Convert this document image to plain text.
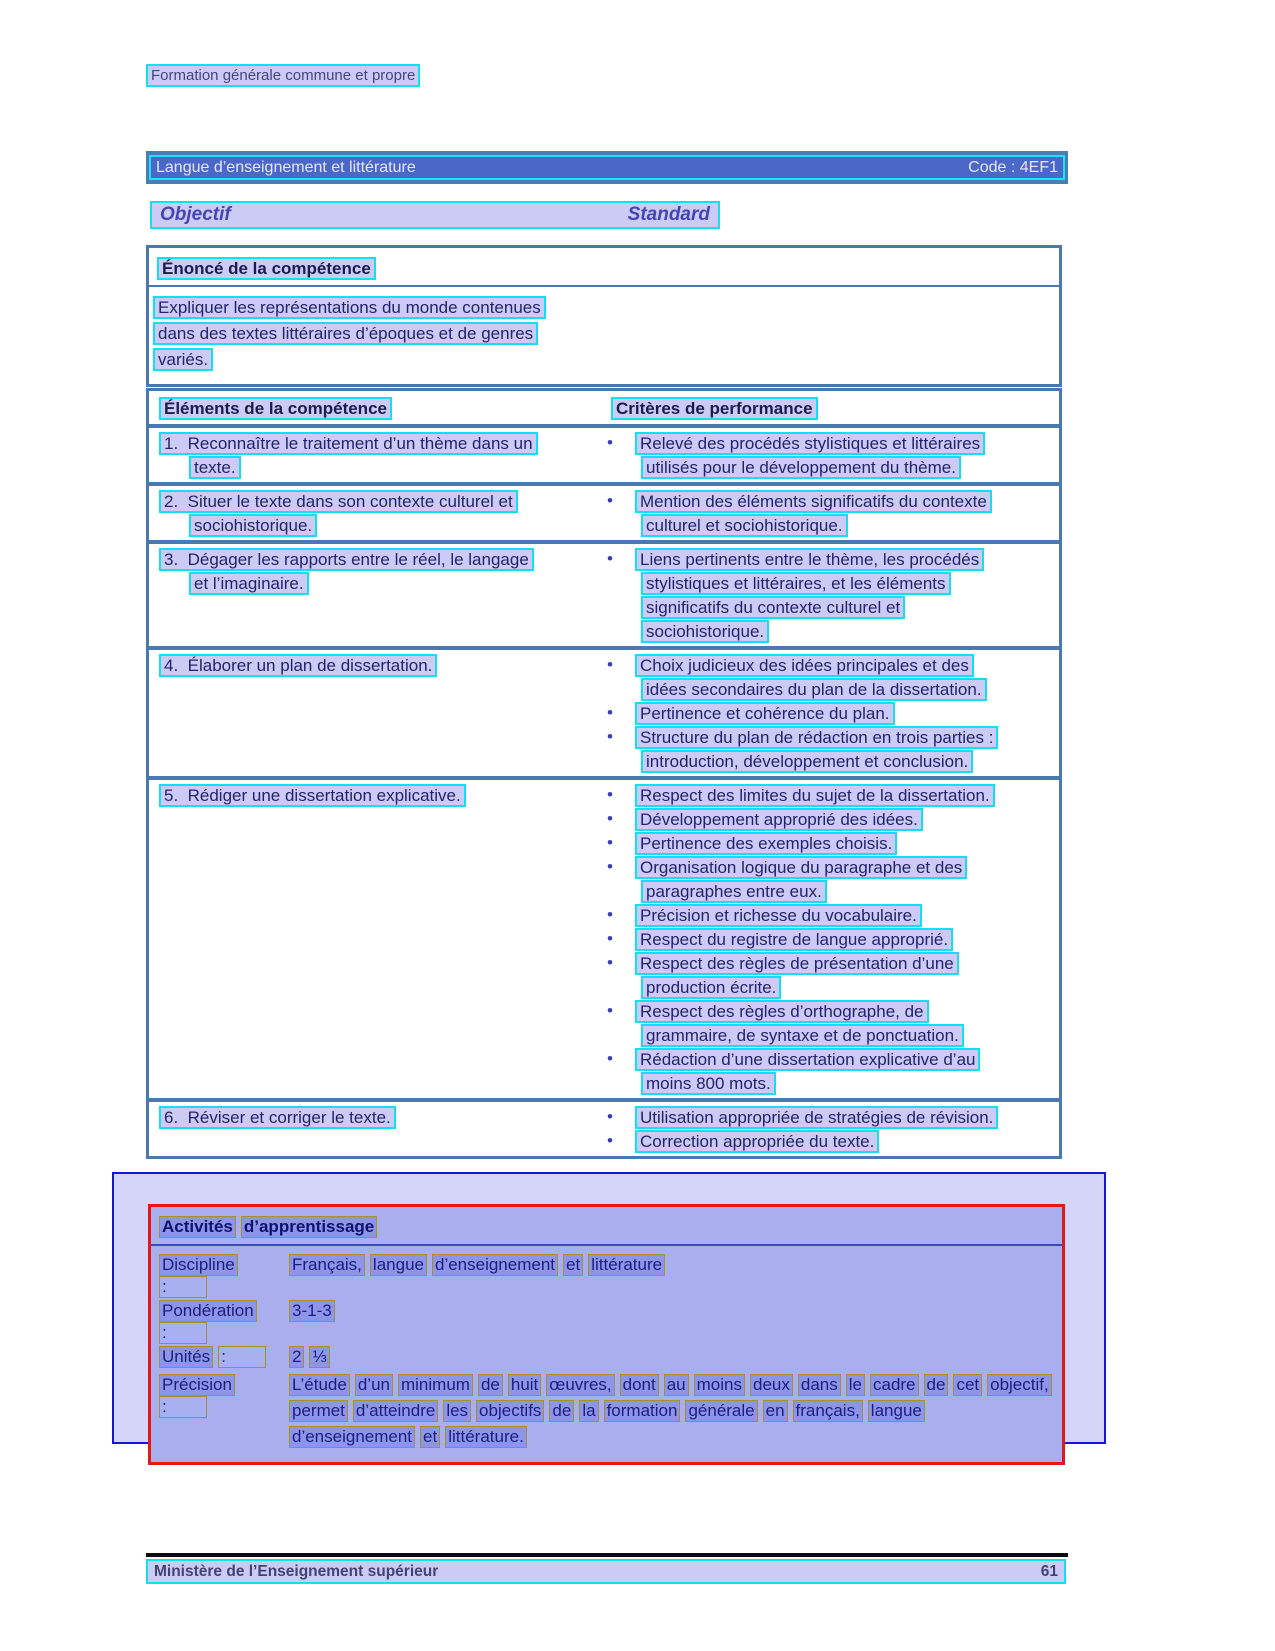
Formation générale commune et propre
Langue d’enseignement et littérature	Code : 4EF1
Objectif	Standard
Énoncé de la compétence
Expliquer les représentations du monde contenues
dans des textes littéraires d’époques et de genres
variés.
Éléments de la compétence	Critères de performance
1.  Reconnaître le traitement d’un thème dans un
texte.
•	Relevé des procédés stylistiques et littéraires
utilisés pour le développement du thème.
2.  Situer le texte dans son contexte culturel et
sociohistorique.
•	Mention des éléments significatifs du contexte
culturel et sociohistorique.
3.  Dégager les rapports entre le réel, le langage
et l’imaginaire.
•	Liens pertinents entre le thème, les procédés
stylistiques et littéraires, et les éléments
significatifs du contexte culturel et
sociohistorique.
4.  Élaborer un plan de dissertation.	•	Choix judicieux des idées principales et des
idées secondaires du plan de la dissertation.
•	Pertinence et cohérence du plan.
•	Structure du plan de rédaction en trois parties :
introduction, développement et conclusion.
5.  Rédiger une dissertation explicative.	•	Respect des limites du sujet de la dissertation.
•	Développement approprié des idées.
•	Pertinence des exemples choisis.
•	Organisation logique du paragraphe et des
paragraphes entre eux.
•	Précision et richesse du vocabulaire.
•	Respect du registre de langue approprié.
•	Respect des règles de présentation d’une
production écrite.
•	Respect des règles d’orthographe, de
grammaire, de syntaxe et de ponctuation.
•	Rédaction d’une dissertation explicative d’au
moins 800 mots.
6.  Réviser et corriger le texte.	•	Utilisation appropriée de stratégies de révision.
•	Correction appropriée du texte.
Activités d’apprentissage
Discipline:
Français, langue d’enseignement et littérature
Pondération:
3-1-3
Unités :	2 ⅓
Précision:
L’étude d’un minimum de huit œuvres, dont au moins deux dans le cadre de cet objectif,
permet d’atteindre les objectifs de la formation générale en français, langue
d’enseignement et littérature.
Ministère de l’Enseignement supérieur	61
